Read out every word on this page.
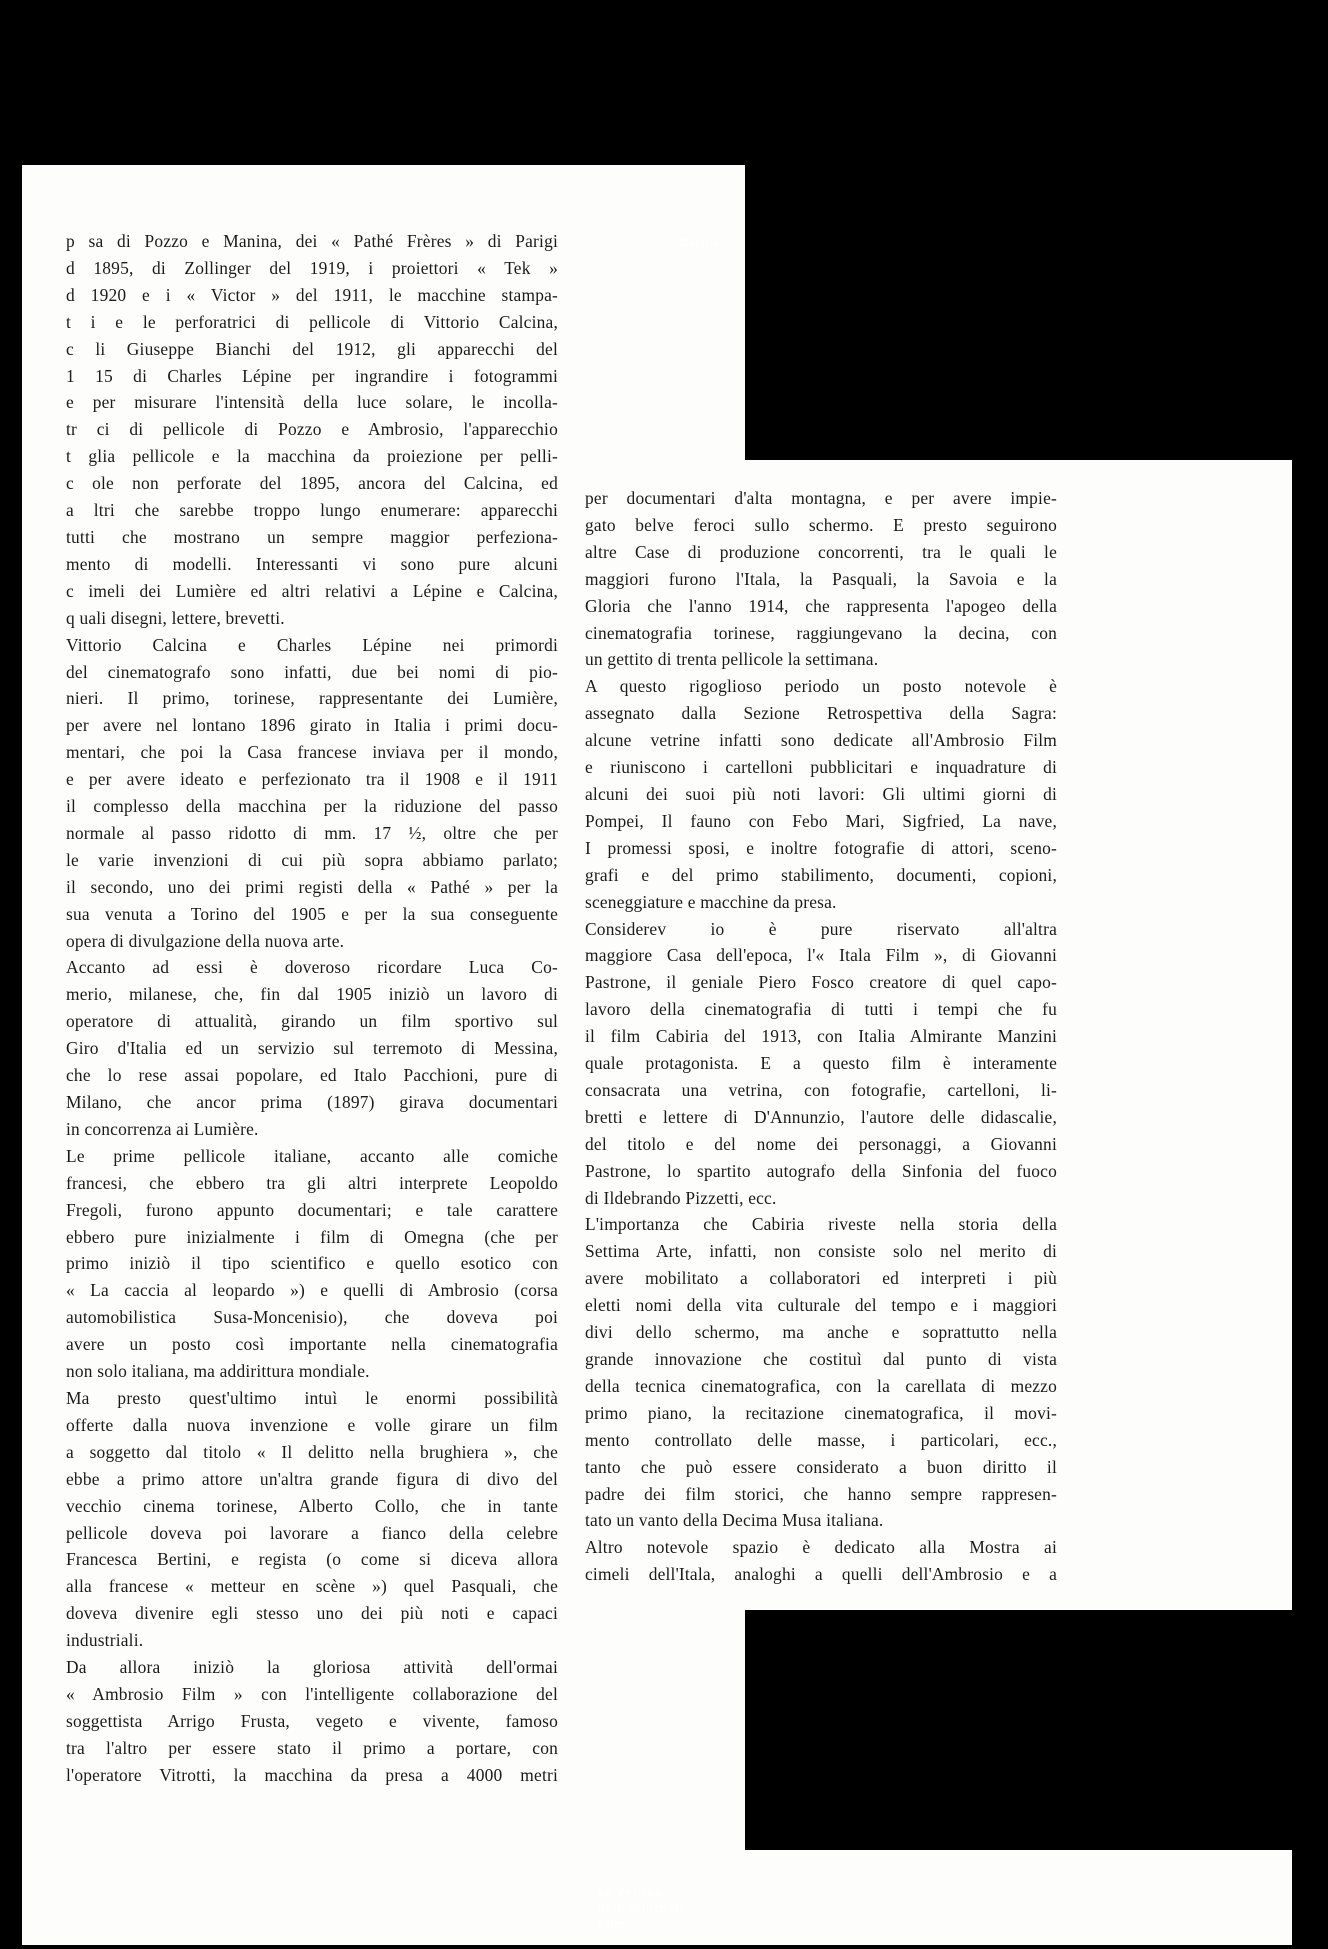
Cabiria.
La vetrina
dell'Ambrosio
Film.
p sa di Pozzo e Manina, dei « Pathé Frères » di Parigi
d 1895, di Zollinger del 1919, i proiettori « Tek »
d 1920 e i « Victor » del 1911, le macchine stampa-
t i e le perforatrici di pellicole di Vittorio Calcina,
c li Giuseppe Bianchi del 1912, gli apparecchi del
1 15 di Charles Lépine per ingrandire i fotogrammi
e per misurare l'intensità della luce solare, le incolla-
tr ci di pellicole di Pozzo e Ambrosio, l'apparecchio
t glia pellicole e la macchina da proiezione per pelli-
c ole non perforate del 1895, ancora del Calcina, ed
a ltri che sarebbe troppo lungo enumerare: apparecchi
tutti che mostrano un sempre maggior perfeziona-
mento di modelli. Interessanti vi sono pure alcuni
c imeli dei Lumière ed altri relativi a Lépine e Calcina,
q uali disegni, lettere, brevetti.
Vittorio Calcina e Charles Lépine nei primordi
del cinematografo sono infatti, due bei nomi di pio-
nieri. Il primo, torinese, rappresentante dei Lumière,
per avere nel lontano 1896 girato in Italia i primi docu-
mentari, che poi la Casa francese inviava per il mondo,
e per avere ideato e perfezionato tra il 1908 e il 1911
il complesso della macchina per la riduzione del passo
normale al passo ridotto di mm. 17 ½, oltre che per
le varie invenzioni di cui più sopra abbiamo parlato;
il secondo, uno dei primi registi della « Pathé » per la
sua venuta a Torino del 1905 e per la sua conseguente
opera di divulgazione della nuova arte.
Accanto ad essi è doveroso ricordare Luca Co-
merio, milanese, che, fin dal 1905 iniziò un lavoro di
operatore di attualità, girando un film sportivo sul
Giro d'Italia ed un servizio sul terremoto di Messina,
che lo rese assai popolare, ed Italo Pacchioni, pure di
Milano, che ancor prima (1897) girava documentari
in concorrenza ai Lumière.
Le prime pellicole italiane, accanto alle comiche
francesi, che ebbero tra gli altri interprete Leopoldo
Fregoli, furono appunto documentari; e tale carattere
ebbero pure inizialmente i film di Omegna (che per
primo iniziò il tipo scientifico e quello esotico con
« La caccia al leopardo ») e quelli di Ambrosio (corsa
automobilistica Susa-Moncenisio), che doveva poi
avere un posto così importante nella cinematografia
non solo italiana, ma addirittura mondiale.
Ma presto quest'ultimo intuì le enormi possibilità
offerte dalla nuova invenzione e volle girare un film
a soggetto dal titolo « Il delitto nella brughiera », che
ebbe a primo attore un'altra grande figura di divo del
vecchio cinema torinese, Alberto Collo, che in tante
pellicole doveva poi lavorare a fianco della celebre
Francesca Bertini, e regista (o come si diceva allora
alla francese « metteur en scène ») quel Pasquali, che
doveva divenire egli stesso uno dei più noti e capaci
industriali.
Da allora iniziò la gloriosa attività dell'ormai
« Ambrosio Film » con l'intelligente collaborazione del
soggettista Arrigo Frusta, vegeto e vivente, famoso
tra l'altro per essere stato il primo a portare, con
l'operatore Vitrotti, la macchina da presa a 4000 metri
per documentari d'alta montagna, e per avere impie-
gato belve feroci sullo schermo. E presto seguirono
altre Case di produzione concorrenti, tra le quali le
maggiori furono l'Itala, la Pasquali, la Savoia e la
Gloria che l'anno 1914, che rappresenta l'apogeo della
cinematografia torinese, raggiungevano la decina, con
un gettito di trenta pellicole la settimana.
A questo rigoglioso periodo un posto notevole è
assegnato dalla Sezione Retrospettiva della Sagra:
alcune vetrine infatti sono dedicate all'Ambrosio Film
e riuniscono i cartelloni pubblicitari e inquadrature di
alcuni dei suoi più noti lavori: Gli ultimi giorni di
Pompei, Il fauno con Febo Mari, Sigfried, La nave,
I promessi sposi, e inoltre fotografie di attori, sceno-
grafi e del primo stabilimento, documenti, copioni,
sceneggiature e macchine da presa.
Considerev io è pure riservato all'altra
maggiore Casa dell'epoca, l'« Itala Film », di Giovanni
Pastrone, il geniale Piero Fosco creatore di quel capo-
lavoro della cinematografia di tutti i tempi che fu
il film Cabiria del 1913, con Italia Almirante Manzini
quale protagonista. E a questo film è interamente
consacrata una vetrina, con fotografie, cartelloni, li-
bretti e lettere di D'Annunzio, l'autore delle didascalie,
del titolo e del nome dei personaggi, a Giovanni
Pastrone, lo spartito autografo della Sinfonia del fuoco
di Ildebrando Pizzetti, ecc.
L'importanza che Cabiria riveste nella storia della
Settima Arte, infatti, non consiste solo nel merito di
avere mobilitato a collaboratori ed interpreti i più
eletti nomi della vita culturale del tempo e i maggiori
divi dello schermo, ma anche e soprattutto nella
grande innovazione che costituì dal punto di vista
della tecnica cinematografica, con la carellata di mezzo
primo piano, la recitazione cinematografica, il movi-
mento controllato delle masse, i particolari, ecc.,
tanto che può essere considerato a buon diritto il
padre dei film storici, che hanno sempre rappresen-
tato un vanto della Decima Musa italiana.
Altro notevole spazio è dedicato alla Mostra ai
cimeli dell'Itala, analoghi a quelli dell'Ambrosio e a
